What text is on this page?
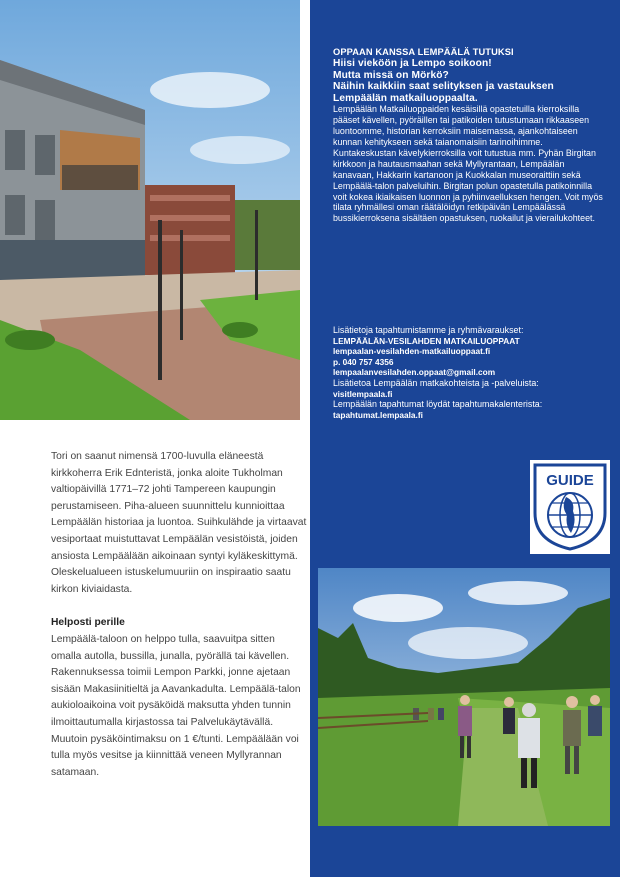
OPPAAN KANSSA LEMPÄÄLÄ TUTUKSI
Hiisi vieköön ja Lempo soikoon!
Mutta missä on Mörkö?
Näihin kaikkiin saat selityksen ja vastauksen Lempäälän matkailuoppaalta.

Lempäälän Matkailuoppaiden kesäisillä opastetuilla kierroksilla pääset kävellen, pyöräillen tai patikoiden tutustumaan rikkaaseen luontoomme, historian kerroksiin maisemassa, ajankohtaiseen kunnan kehitykseen sekä taianomaisiin tarinoihimme.

Kuntakeskustan kävelykierroksilla voit tutustua mm. Pyhän Birgitan kirkkoon ja hautausmaahan sekä Myllyrantaan, Lempäälän kanavaan, Hakkarin kartanoon ja Kuokkalan museoraittiin sekä Lempäälä-talon palveluihin. Birgitan polun opastetulla patikoinnilla voit kokea ikiaikaisen luonnon ja pyhiinvaelluksen hengen. Voit myös tilata ryhmällesi oman räätälöidyn retkipäivän Lempäälässä bussikierroksena sisältäen opastuksen, ruokailut ja vierailukohteet.

Lisätietoja tapahtumistamme ja ryhmävaraukset:
LEMPÄÄLÄN-VESILAHDEN MATKAILUOPPAAT
lempaalan-vesilahden-matkailuoppaat.fi
p. 040 757 4356
lempaalanvesilahden.oppaat@gmail.com
Lisätietoa Lempäälän matkakohteista ja -palveluista:
visitlempaala.fi
Lempäälän tapahtumat löydät tapahtumakalenterista:
tapahtumat.lempaala.fi
GUIDE

Tori on saanut nimensä 1700-luvulla eläneestä kirkkoherra Erik Ednteristä, jonka aloite Tukholman valtiopäivillä 1771–72 johti Tampereen kaupungin perustamiseen. Piha-alueen suunnittelu kunnioittaa Lempäälän historiaa ja luontoa. Suihkulähde ja virtaavat vesiportaat muistuttavat Lempäälän vesistöistä, joiden ansiosta Lempäälään aikoinaan syntyi kyläkeskittymä. Oleskelualueen istuskelumuuriin on inspiraatio saatu kirkon kiviaidasta.

Helposti perille

Lempäälä-taloon on helppo tulla, saavuitpa sitten omalla autolla, bussilla, junalla, pyörällä tai kävellen. Rakennuksessa toimii Lempon Parkki, jonne ajetaan sisään Makasiinitieltä ja Aavankadulta. Lempäälä-talon aukioloaikoina voit pysäköidä maksutta yhden tunnin ilmoittautumalla kirjastossa tai Palvelukäytävällä. Muutoin pysäköintimaksu on 1 €/tunti. Lempäälään voi tulla myös vesitse ja kiinnittää veneen Myllyrannan satamaan.
